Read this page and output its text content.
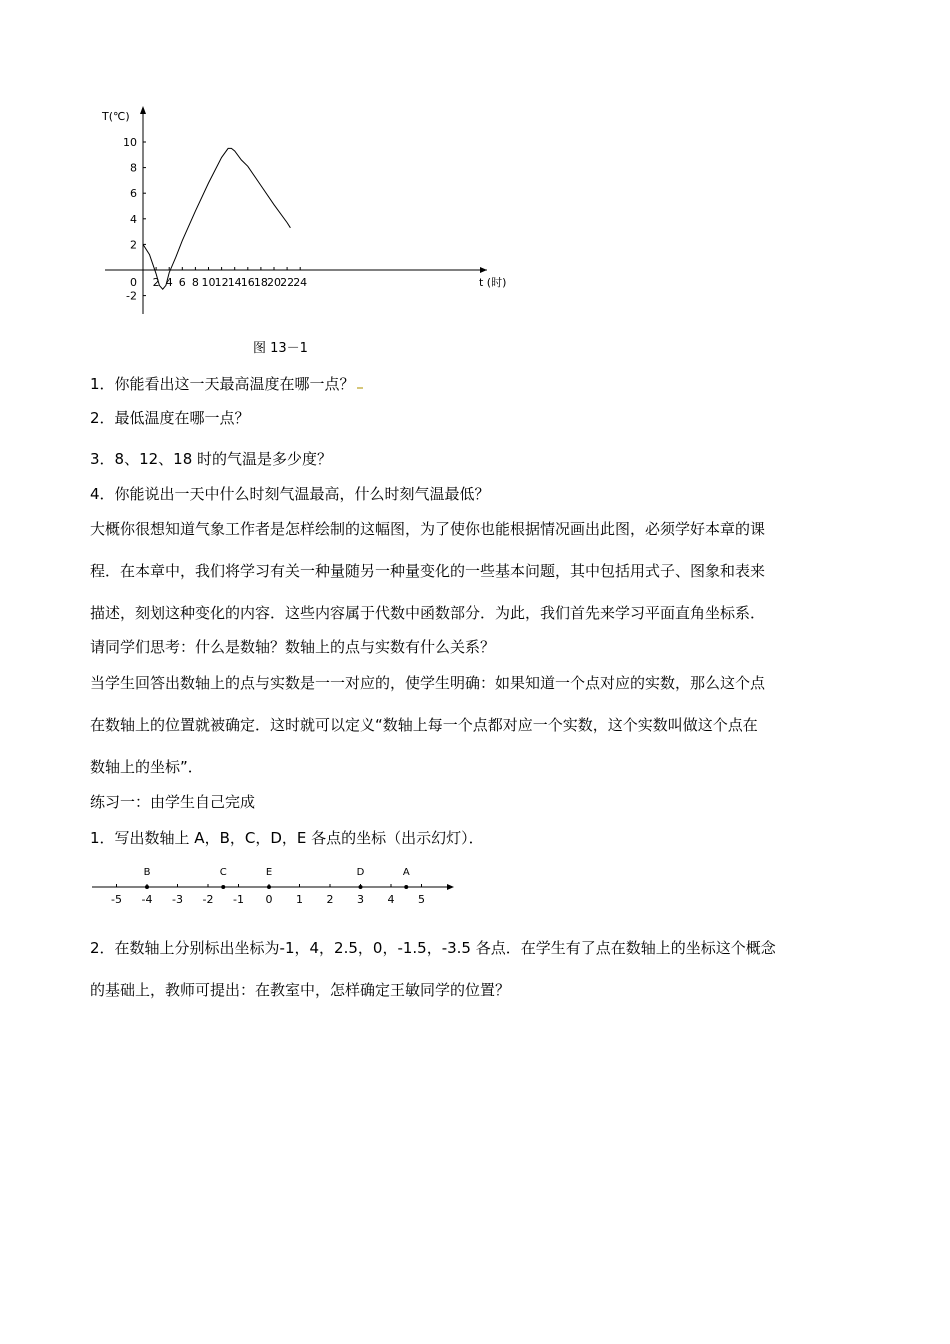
2 4 6 8 10 12 14 16 18 20 22 24
10
8
6
4
2
0
-2
T(℃)
t (时)
图 13－1
1．你能看出这一天最高温度在哪一点？
2．最低温度在哪一点？
3．8、12、18 时的气温是多少度？
4．你能说出一天中什么时刻气温最高，什么时刻气温最低？
大概你很想知道气象工作者是怎样绘制的这幅图，为了使你也能根据情况画出此图，必须学好本章的课
程．在本章中，我们将学习有关一种量随另一种量变化的一些基本问题，其中包括用式子、图象和表来
描述，刻划这种变化的内容．这些内容属于代数中函数部分．为此，我们首先来学习平面直角坐标系．
请同学们思考：什么是数轴？数轴上的点与实数有什么关系？
当学生回答出数轴上的点与实数是一一对应的，使学生明确：如果知道一个点对应的实数，那么这个点
在数轴上的位置就被确定．这时就可以定义“数轴上每一个点都对应一个实数，这个实数叫做这个点在
数轴上的坐标”．
练习一：由学生自己完成
1．写出数轴上 A，B，C，D，E 各点的坐标（出示幻灯）．
-5 -4 -3 -2 -1 0 1 2 3 4 5
B	C	E	D	A
2．在数轴上分别标出坐标为-1，4，2.5，0，-1.5，-3.5 各点．在学生有了点在数轴上的坐标这个概念
的基础上，教师可提出：在教室中，怎样确定王敏同学的位置？
